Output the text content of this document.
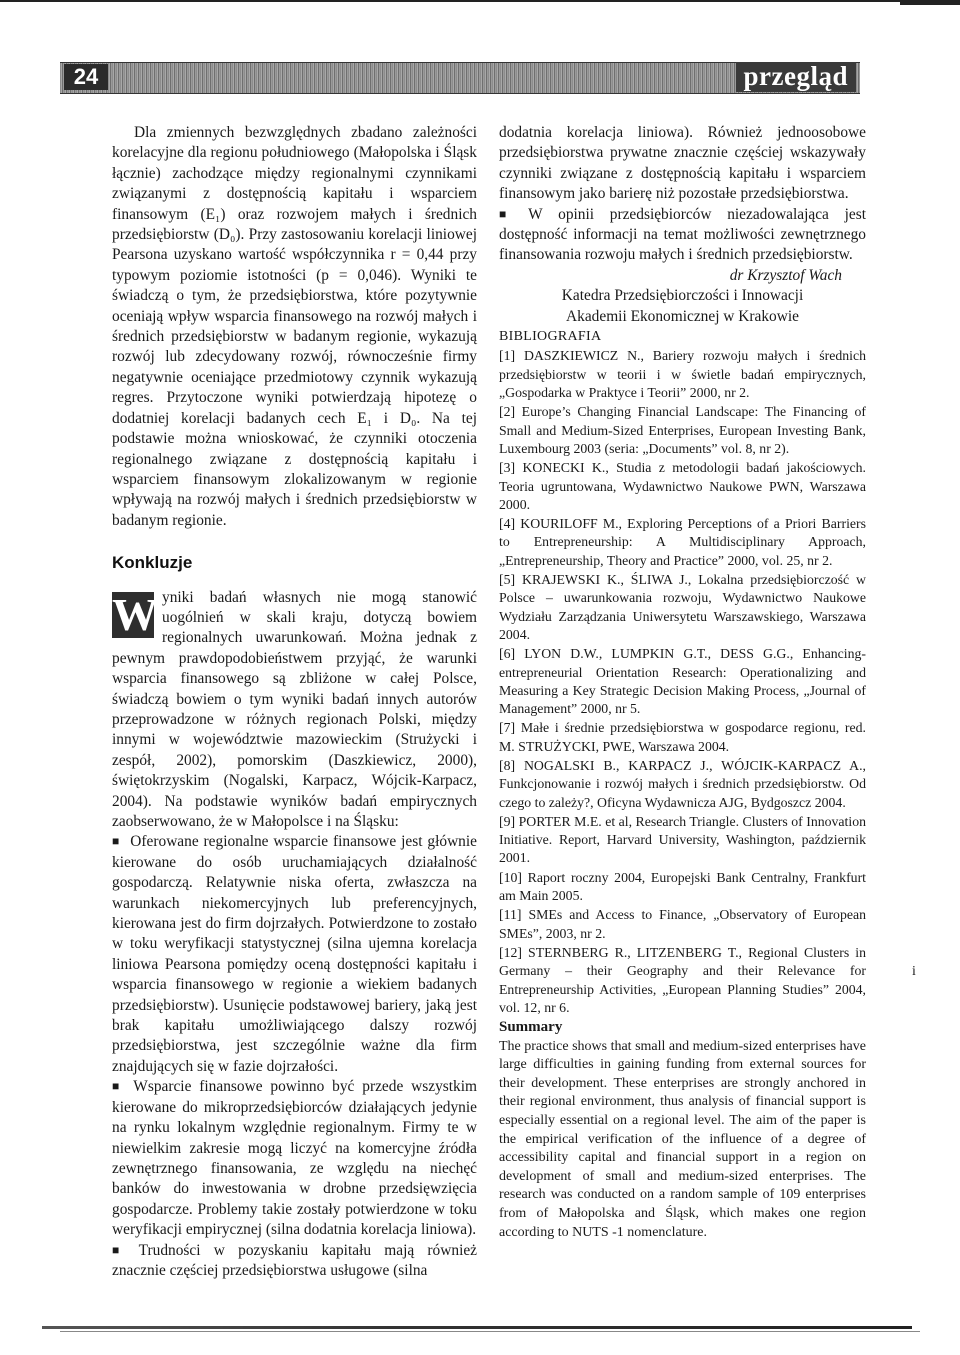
przegląd
24

Dla zmiennych bezwzględnych zbadano zależności korelacyjne dla regionu południowego (Małopolska i Śląsk łącznie) zachodzące między regionalnymi czynnikami związanymi z dostępnością kapitału i wsparciem finansowym (E₁) oraz rozwojem małych i średnich przedsiębiorstw (D₀). Przy zastosowaniu korelacji liniowej Pearsona uzyskano wartość współczynnika r = 0,44 przy typowym poziomie istotności (p = 0,046). Wyniki te świadczą o tym, że przedsiębiorstwa, które pozytywnie oceniają wpływ wsparcia finansowego na rozwój małych i średnich przedsiębiorstw w badanym regionie, wykazują rozwój lub zdecydowany rozwój, równocześnie firmy negatywnie oceniające przedmiotowy czynnik wykazują regres. Przytoczone wyniki potwierdzają hipotezę o dodatniej korelacji badanych cech E₁ i D₀. Na tej podstawie można wnioskować, że czynniki otoczenia regionalnego związane z dostępnością kapitału i wsparciem finansowym zlokalizowanym w regionie wpływają na rozwój małych i średnich przedsiębiorstw w badanym regionie.

Konkluzje
W yniki badań własnych nie mogą stanowić uogólnień w skali kraju, dotyczą bowiem regionalnych uwarunkowań. Można jednak z pewnym prawdopodobieństwem przyjąć, że warunki wsparcia finansowego są zbliżone w całej Polsce, świadczą bowiem o tym wyniki badań innych autorów przeprowadzone w różnych regionach Polski, między innymi w województwie mazowieckim (Strużycki i zespół, 2002), pomorskim (Daszkiewicz, 2000), świętokrzyskim (Nogalski, Karpacz, Wójcik-Karpacz, 2004). Na podstawie wyników badań empirycznych zaobserwowano, że w Małopolsce i na Śląsku:

■ Oferowane regionalne wsparcie finansowe jest głównie kierowane do osób uruchamiających działalność gospodarczą. Relatywnie niska oferta, zwłaszcza na warunkach niekomercyjnych lub preferencyjnych, kierowana jest do firm dojrzałych. Potwierdzone to zostało w toku weryfikacji statystycznej (silna ujemna korelacja liniowa Pearsona pomiędzy oceną dostępności kapitału i wsparcia finansowego w regionie a wiekiem badanych przedsiębiorstw). Usunięcie podstawowej bariery, jaką jest brak kapitału umożliwiającego dalszy rozwój przedsiębiorstwa, jest szczególnie ważne dla firm znajdujących się w fazie dojrzałości.

■ Wsparcie finansowe powinno być przede wszystkim kierowane do mikroprzedsiębiorców działających jedynie na rynku lokalnym względnie regionalnym. Firmy te w niewielkim zakresie mogą liczyć na komercyjne źródła zewnętrznego finansowania, ze względu na niechęć banków do inwestowania w drobne przedsięwzięcia gospodarcze. Problemy takie zostały potwierdzone w toku weryfikacji empirycznej (silna dodatnia korelacja liniowa).

■ Trudności w pozyskaniu kapitału mają również znacznie częściej przedsiębiorstwa usługowe (silna

dodatnia korelacja liniowa). Również jednoosobowe przedsiębiorstwa prywatne znacznie częściej wskazywały czynniki związane z dostępnością kapitału i wsparciem finansowym jako barierę niż pozostałe przedsiębiorstwa.

■ W opinii przedsiębiorców niezadowalająca jest dostępność informacji na temat możliwości zewnętrznego finansowania rozwoju małych i średnich przedsiębiorstw.

dr Krzysztof Wach

Katedra Przedsiębiorczości i Innowacji

Akademii Ekonomicznej w Krakowie

BIBLIOGRAFIA

[1] DASZKIEWICZ N., Bariery rozwoju małych i średnich przedsiębiorstw w teorii i w świetle badań empirycznych, „Gospodarka w Praktyce i Teorii” 2000, nr 2.

[2] Europe’s Changing Financial Landscape: The Financing of Small and Medium-Sized Enterprises, European Investing Bank, Luxembourg 2003 (seria: „Documents” vol. 8, nr 2).

[3] KONECKI K., Studia z metodologii badań jakościowych. Teoria ugruntowana, Wydawnictwo Naukowe PWN, Warszawa 2000.

[4] KOURILOFF M., Exploring Perceptions of a Priori Barriers to Entrepreneurship: A Multidisciplinary Approach, „Entrepreneurship, Theory and Practice” 2000, vol. 25, nr 2.

[5] KRAJEWSKI K., ŚLIWA J., Lokalna przedsiębiorczość w Polsce – uwarunkowania rozwoju, Wydawnictwo Naukowe Wydziału Zarządzania Uniwersytetu Warszawskiego, Warszawa 2004.

[6] LYON D.W., LUMPKIN G.T., DESS G.G., Enhancing-entrepreneurial Orientation Research: Operationalizing and Measuring a Key Strategic Decision Making Process, „Journal of Management” 2000, nr 5.

[7] Małe i średnie przedsiębiorstwa w gospodarce regionu, red. M. STRUŻYCKI, PWE, Warszawa 2004.

[8] NOGALSKI B., KARPACZ J., WÓJCIK-KARPACZ A., Funkcjonowanie i rozwój małych i średnich przedsiębiorstw. Od czego to zależy?, Oficyna Wydawnicza AJG, Bydgoszcz 2004.

[9] PORTER M.E. et al, Research Triangle. Clusters of Innovation Initiative. Report, Harvard University, Washington, październik 2001.

[10] Raport roczny 2004, Europejski Bank Centralny, Frankfurt am Main 2005.

[11] SMEs and Access to Finance, „Observatory of European SMEs”, 2003, nr 2.

[12] STERNBERG R., LITZENBERG T., Regional Clusters in Germany – their Geography and their Relevance for Entrepreneurship Activities, „European Planning Studies” 2004, vol. 12, nr 6.

Summary

The practice shows that small and medium-sized enterprises have large difficulties in gaining funding from external sources for their development. These enterprises are strongly anchored in their regional environment, thus analysis of financial support is especially essential on a regional level. The aim of the paper is the empirical verification of the influence of a degree of accessibility capital and financial support in a region on development of small and medium-sized enterprises. The research was conducted on a random sample of 109 enterprises from of Małopolska and Śląsk, which makes one region according to NUTS -1 nomenclature.

i
